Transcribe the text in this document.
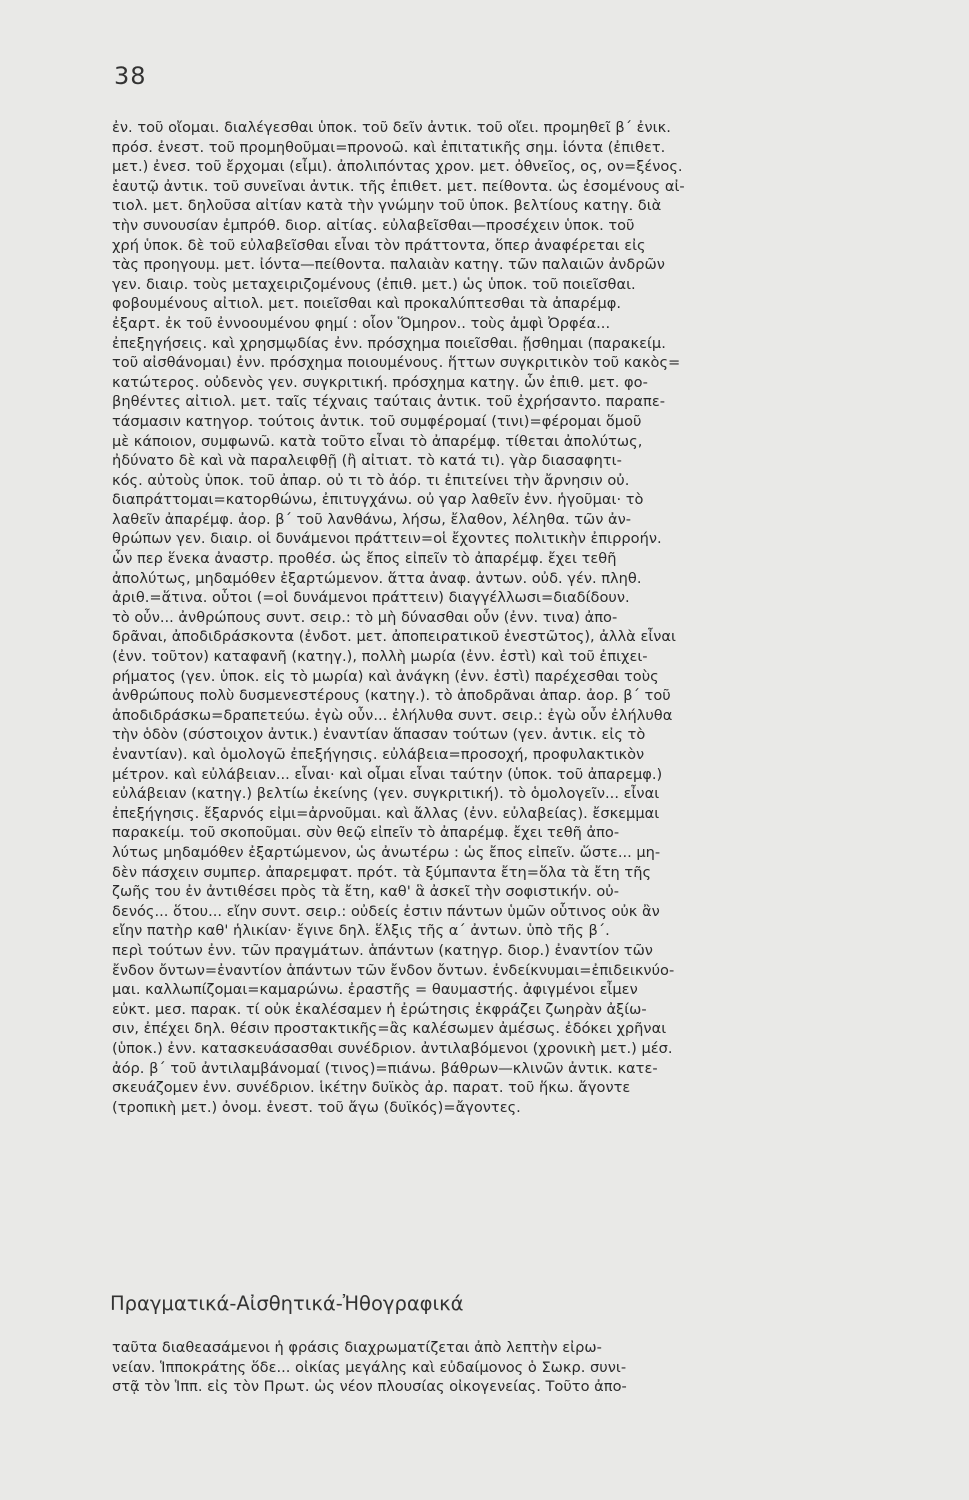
38
ἐν. τοῦ οἴομαι. διαλέγεσθαι ὑποκ. τοῦ δεῖν ἀντικ. τοῦ οἴει. προμηθεῖ β΄ ἐνικ.
πρόσ. ἐνεστ. τοῦ προμηθοῦμαι=προνοῶ. καὶ ἐπιτατικῆς σημ. ἰόντα (ἐπιθετ.
μετ.) ἐνεσ. τοῦ ἔρχομαι (εἶμι). ἀπολιπόντας χρον. μετ. ὀθνεῖος, ος, ον=ξένος.
ἑαυτῷ ἀντικ. τοῦ συνεῖναι ἀντικ. τῆς ἐπιθετ. μετ. πείθοντα. ὡς ἐσομένους αἰ-
τιολ. μετ. δηλοῦσα αἰτίαν κατὰ τὴν γνώμην τοῦ ὑποκ. βελτίους κατηγ. διὰ
τὴν συνουσίαν ἐμπρόθ. διορ. αἰτίας. εὐλαβεῖσθαι—προσέχειν ὑποκ. τοῦ
χρή ὑποκ. δὲ τοῦ εὐλαβεῖσθαι εἶναι τὸν πράττοντα, ὅπερ ἀναφέρεται εἰς
τὰς προηγουμ. μετ. ἰόντα—πείθοντα. παλαιὰν κατηγ. τῶν παλαιῶν ἀνδρῶν
γεν. διαιρ. τοὺς μεταχειριζομένους (ἐπιθ. μετ.) ὡς ὑποκ. τοῦ ποιεῖσθαι.
φοβουμένους αἰτιολ. μετ. ποιεῖσθαι καὶ προκαλύπτεσθαι τὰ ἀπαρέμφ.
ἐξαρτ. ἐκ τοῦ ἐννοουμένου φημί : οἷον Ὅμηρον.. τοὺς ἀμφὶ Ὀρφέα...
ἐπεξηγήσεις. καὶ χρησμῳδίας ἐνν. πρόσχημα ποιεῖσθαι. ᾔσθημαι (παρακείμ.
τοῦ αἰσθάνομαι) ἐνν. πρόσχημα ποιουμένους. ἥττων συγκριτικὸν τοῦ κακὸς=
κατώτερος. οὐδενὸς γεν. συγκριτική. πρόσχημα κατηγ. ὧν ἐπιθ. μετ. φο-
βηθέντες αἰτιολ. μετ. ταῖς τέχναις ταύταις ἀντικ. τοῦ ἐχρήσαντο. παραπε-
τάσμασιν κατηγορ. τούτοις ἀντικ. τοῦ συμφέρομαί (τινι)=φέρομαι ὅμοῦ
μὲ κάποιον, συμφωνῶ. κατὰ τοῦτο εἶναι τὸ ἀπαρέμφ. τίθεται ἀπολύτως,
ἠδύνατο δὲ καὶ νὰ παραλειφθῇ (ἢ αἰτιατ. τὸ κατά τι). γὰρ διασαφητι-
κός. αὐτοὺς ὑποκ. τοῦ ἀπαρ. οὐ τι τὸ ἀόρ. τι ἐπιτείνει τὴν ἄρνησιν οὐ.
διαπράττομαι=κατορθώνω, ἐπιτυγχάνω. οὐ γαρ λαθεῖν ἐνν. ἡγοῦμαι· τὸ
λαθεῖν ἀπαρέμφ. ἀορ. β΄ τοῦ λανθάνω, λήσω, ἔλαθον, λέληθα. τῶν ἀν-
θρώπων γεν. διαιρ. οἱ δυνάμενοι πράττειν=οἱ ἔχοντες πολιτικὴν ἐπιρροήν.
ὧν περ ἕνεκα ἀναστρ. προθέσ. ὡς ἔπος εἰπεῖν τὸ ἀπαρέμφ. ἔχει τεθῆ
ἀπολύτως, μηδαμόθεν ἐξαρτώμενον. ἅττα ἀναφ. ἀντων. οὐδ. γέν. πληθ.
ἀριθ.=ἅτινα. οὗτοι (=οἱ δυνάμενοι πράττειν) διαγγέλλωσι=διαδίδουν.
τὸ οὖν... ἀνθρώπους συντ. σειρ.: τὸ μὴ δύνασθαι οὖν (ἐνν. τινα) ἀπο-
δρᾶναι, ἀποδιδράσκοντα (ἐνδοτ. μετ. ἀποπειρατικοῦ ἐνεστῶτος), ἀλλὰ εἶναι
(ἐνν. τοῦτον) καταφανῆ (κατηγ.), πολλὴ μωρία (ἐνν. ἐστὶ) καὶ τοῦ ἐπιχει-
ρήματος (γεν. ὑποκ. εἰς τὸ μωρία) καὶ ἀνάγκη (ἐνν. ἐστὶ) παρέχεσθαι τοὺς
ἀνθρώπους πολὺ δυσμενεστέρους (κατηγ.). τὸ ἀποδρᾶναι ἀπαρ. ἀορ. β΄ τοῦ
ἀποδιδράσκω=δραπετεύω. ἐγὼ οὖν... ἐλήλυθα συντ. σειρ.: ἐγὼ οὖν ἐλήλυθα
τὴν ὁδὸν (σύστοιχον ἀντικ.) ἐναντίαν ἅπασαν τούτων (γεν. ἀντικ. εἰς τὸ
ἐναντίαν). καὶ ὁμολογῶ ἐπεξήγησις. εὐλάβεια=προσοχή, προφυλακτικὸν
μέτρον. καὶ εὐλάβειαν... εἶναι· καὶ οἶμαι εἶναι ταύτην (ὑποκ. τοῦ ἀπαρεμφ.)
εὐλάβειαν (κατηγ.) βελτίω ἐκείνης (γεν. συγκριτική). τὸ ὁμολογεῖν... εἶναι
ἐπεξήγησις. ἔξαρνός εἰμι=ἀρνοῦμαι. καὶ ἄλλας (ἐνν. εὐλαβείας). ἔσκεμμαι
παρακείμ. τοῦ σκοποῦμαι. σὺν θεῷ εἰπεῖν τὸ ἀπαρέμφ. ἔχει τεθῆ ἀπο-
λύτως μηδαμόθεν ἐξαρτώμενον, ὡς ἀνωτέρω : ὡς ἔπος εἰπεῖν. ὥστε... μη-
δὲν πάσχειν συμπερ. ἀπαρεμφατ. πρότ. τὰ ξύμπαντα ἔτη=ὅλα τὰ ἔτη τῆς
ζωῆς του ἐν ἀντιθέσει πρὸς τὰ ἔτη, καθ' ἃ ἀσκεῖ τὴν σοφιστικήν. οὐ-
δενός... ὅτου... εἴην συντ. σειρ.: οὐδείς ἐστιν πάντων ὑμῶν οὗτινος οὐκ ἂν
εἴην πατὴρ καθ' ἡλικίαν· ἔγινε δηλ. ἕλξις τῆς α΄ ἀντων. ὑπὸ τῆς β΄.
περὶ τούτων ἐνν. τῶν πραγμάτων. ἁπάντων (κατηγρ. διορ.) ἐναντίον τῶν
ἔνδον ὄντων=ἐναντίον ἁπάντων τῶν ἔνδον ὄντων. ἐνδείκνυμαι=ἐπιδεικνύο-
μαι. καλλωπίζομαι=καμαρώνω. ἐραστῆς = θαυμαστής. ἀφιγμένοι εἶμεν
εὐκτ. μεσ. παρακ. τί οὐκ ἐκαλέσαμεν ἡ ἐρώτησις ἐκφράζει ζωηρὰν ἀξίω-
σιν, ἐπέχει δηλ. θέσιν προστακτικῆς=ἂς καλέσωμεν ἀμέσως. ἐδόκει χρῆναι
(ὑποκ.) ἐνν. κατασκευάσασθαι συνέδριον. ἀντιλαβόμενοι (χρονικὴ μετ.) μέσ.
ἀόρ. β΄ τοῦ ἀντιλαμβάνομαί (τινος)=πιάνω. βάθρων—κλινῶν ἀντικ. κατε-
σκευάζομεν ἐνν. συνέδριον. ἱκέτην δυϊκὸς ἀρ. παρατ. τοῦ ἥκω. ἄγοντε
(τροπικὴ μετ.) ὀνομ. ἐνεστ. τοῦ ἄγω (δυϊκός)=ἄγοντες.
Πραγματικά-Αἰσθητικά-Ἠθογραφικά
ταῦτα διαθεασάμενοι ἡ φράσις διαχρωματίζεται ἀπὸ λεπτὴν εἰρω-
νείαν. Ἱπποκράτης ὅδε... οἰκίας μεγάλης καὶ εὐδαίμονος ὁ Σωκρ. συνι-
στᾷ τὸν Ἱππ. εἰς τὸν Πρωτ. ὡς νέον πλουσίας οἰκογενείας. Τοῦτο ἀπο-
